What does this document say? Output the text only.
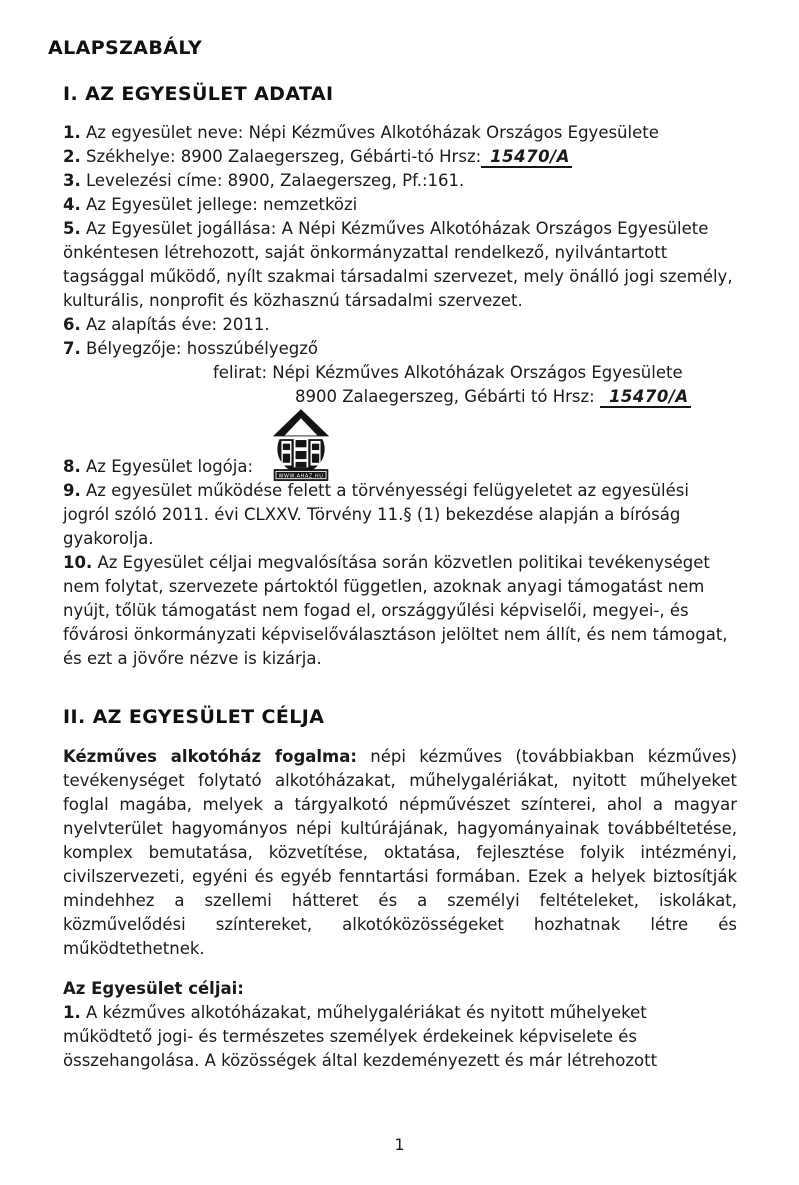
ALAPSZABÁLY
I. AZ EGYESÜLET ADATAI

1. Az egyesület neve: Népi Kézműves Alkotóházak Országos Egyesülete

2. Székhelye: 8900 Zalaegerszeg, Gébárti-tó Hrsz: 15470/A

3. Levelezési címe: 8900, Zalaegerszeg, Pf.:161.

4. Az Egyesület jellege: nemzetközi

5. Az Egyesület jogállása: A Népi Kézműves Alkotóházak Országos Egyesülete önkéntesen létrehozott, saját önkormányzattal rendelkező, nyilvántartott tagsággal működő, nyílt szakmai társadalmi szervezet, mely önálló jogi személy, kulturális, nonprofit és közhasznú társadalmi szervezet.

6. Az alapítás éve: 2011.

7. Bélyegzője: hosszúbélyegző

felirat: Népi Kézműves Alkotóházak Országos Egyesülete

8900 Zalaegerszeg, Gébárti tó Hrsz: 15470/A

8. Az Egyesület logója:

WWW.AHAZ.HU

9. Az egyesület működése felett a törvényességi felügyeletet az egyesülési jogról szóló 2011. évi CLXXV. Törvény 11.§ (1) bekezdése alapján a bíróság gyakorolja.

10. Az Egyesület céljai megvalósítása során közvetlen politikai tevékenységet nem folytat, szervezete pártoktól független, azoknak anyagi támogatást nem nyújt, tőlük támogatást nem fogad el, országgyűlési képviselői, megyei-, és fővárosi önkormányzati képviselőválasztáson jelöltet nem állít, és nem támogat, és ezt a jövőre nézve is kizárja.

II. AZ EGYESÜLET CÉLJA

Kézműves alkotóház fogalma: népi kézműves (továbbiakban kézműves) tevékenységet folytató alkotóházakat, műhelygalériákat, nyitott műhelyeket foglal magába, melyek a tárgyalkotó népművészet színterei, ahol a magyar nyelvterület hagyományos népi kultúrájának, hagyományainak továbbéltetése, komplex bemutatása, közvetítése, oktatása, fejlesztése folyik intézményi, civilszervezeti, egyéni és egyéb fenntartási formában. Ezek a helyek biztosítják mindehhez a szellemi hátteret és a személyi feltételeket, iskolákat, közművelődési színtereket, alkotóközösségeket hozhatnak létre és működtethetnek.

Az Egyesület céljai:

1. A kézműves alkotóházakat, műhelygalériákat és nyitott műhelyeket működtető jogi- és természetes személyek érdekeinek képviselete és összehangolása. A közösségek által kezdeményezett és már létrehozott

1
